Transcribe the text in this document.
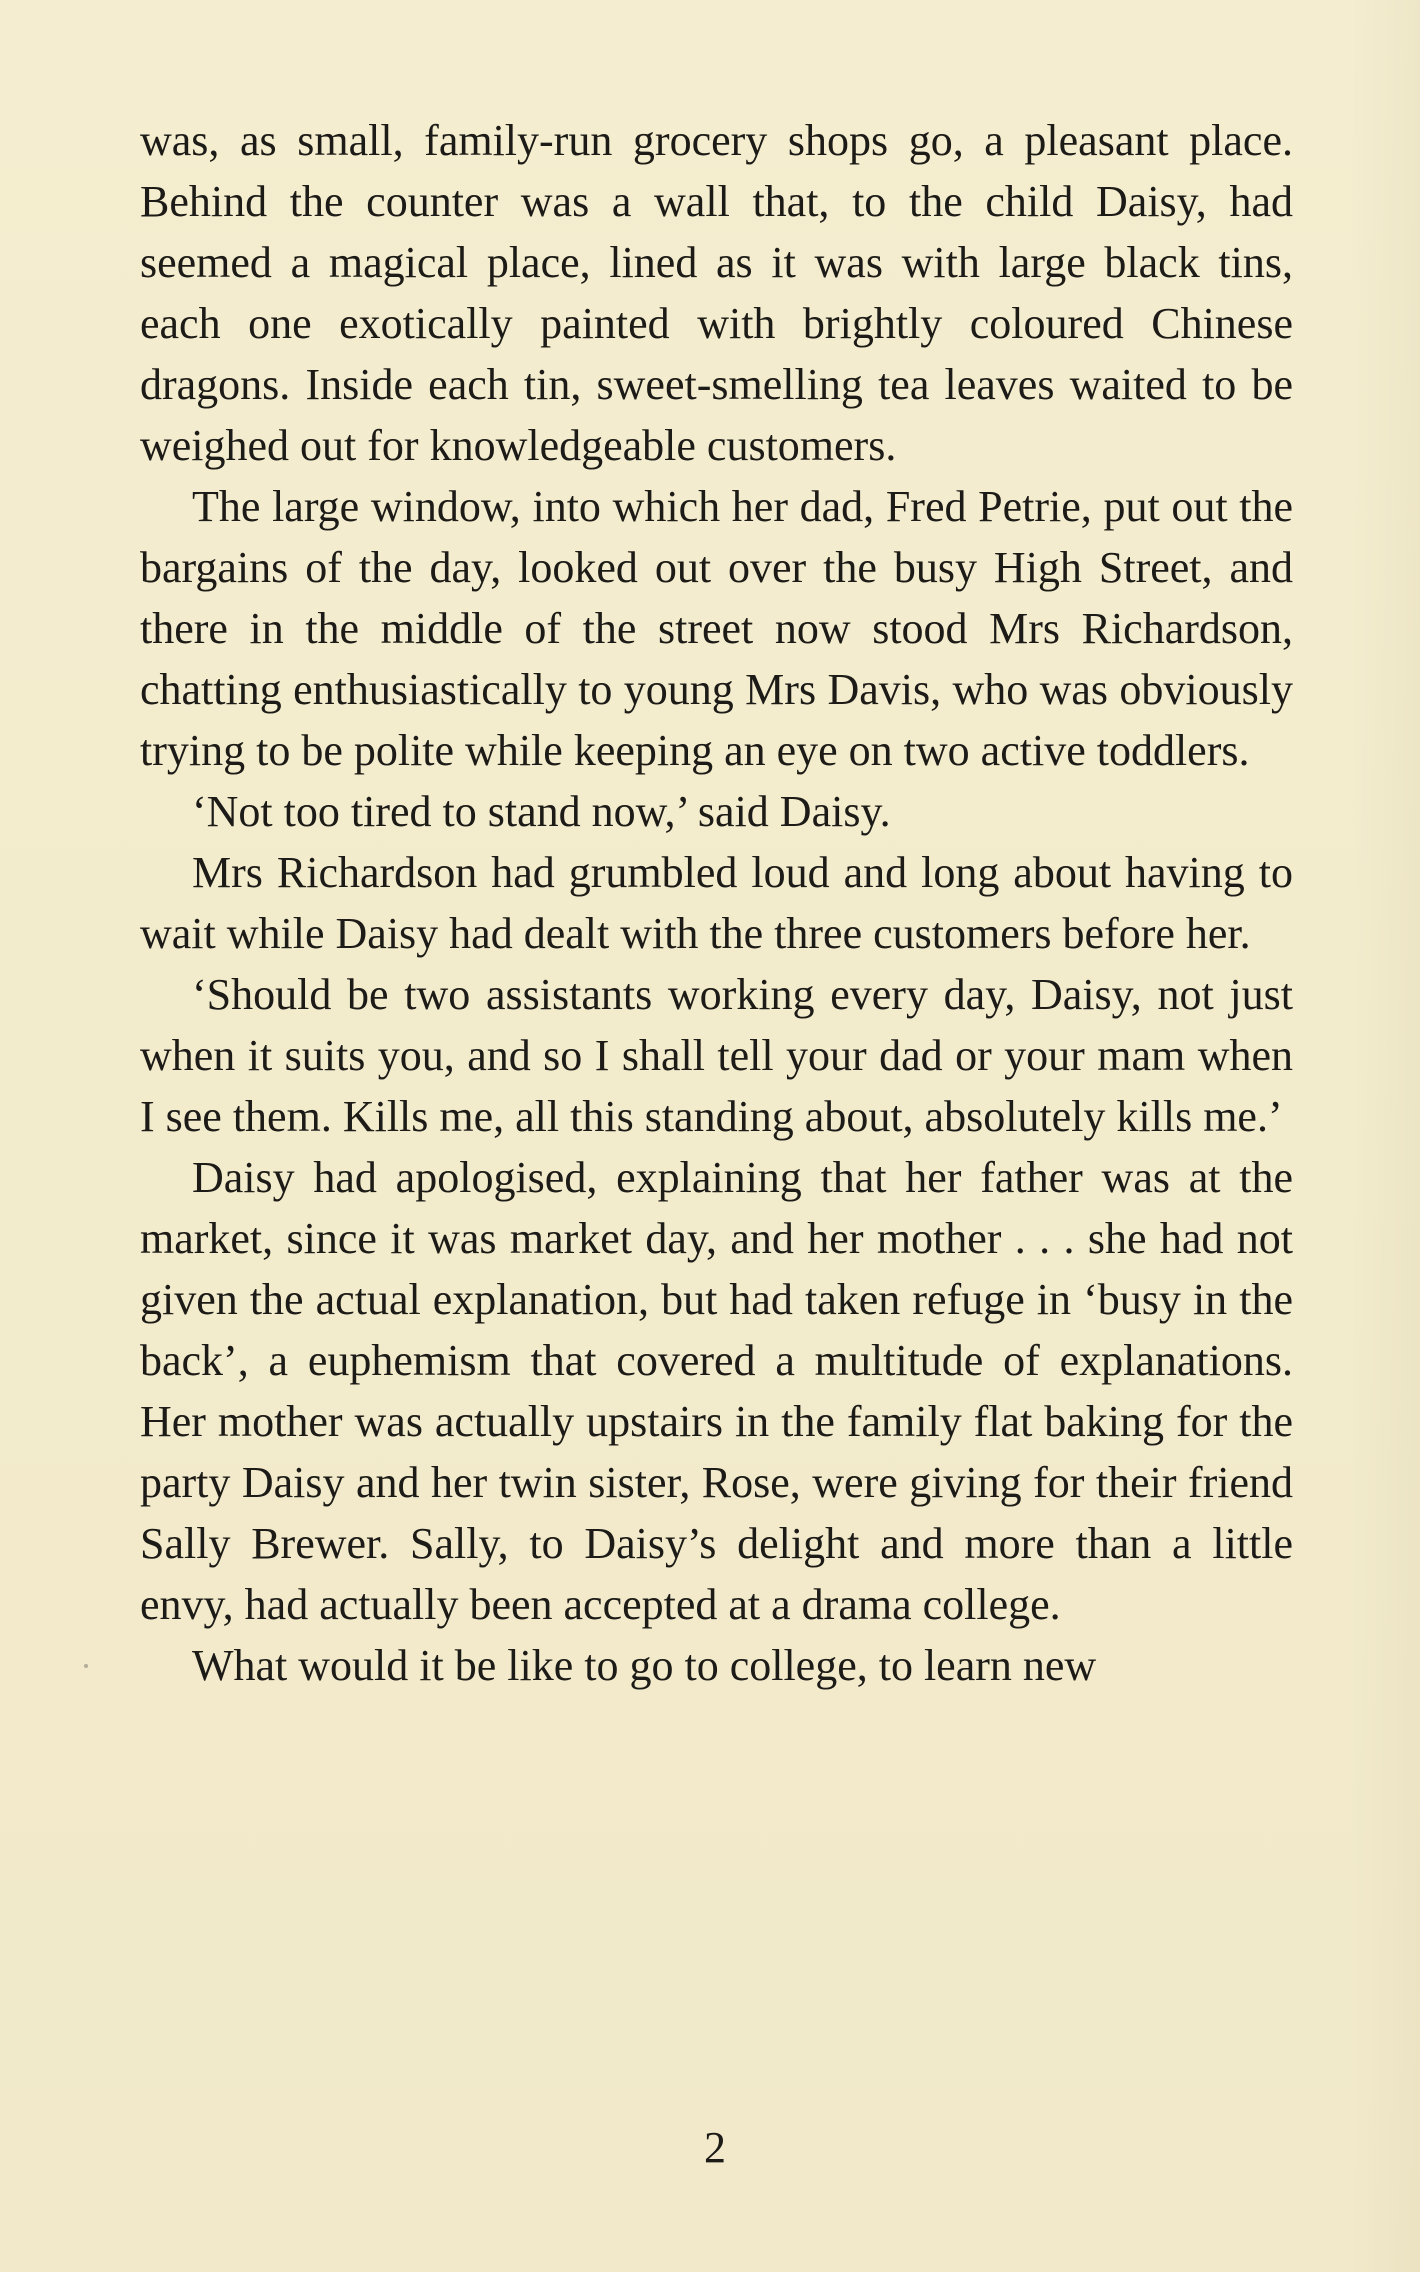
was, as small, family-run grocery shops go, a pleasant place. Behind the counter was a wall that, to the child Daisy, had seemed a magical place, lined as it was with large black tins, each one exotically painted with brightly coloured Chinese dragons. Inside each tin, sweet-smelling tea leaves waited to be weighed out for knowledgeable customers.

The large window, into which her dad, Fred Petrie, put out the bargains of the day, looked out over the busy High Street, and there in the middle of the street now stood Mrs Richardson, chatting enthusiastically to young Mrs Davis, who was obviously trying to be polite while keeping an eye on two active toddlers.

‘Not too tired to stand now,’ said Daisy.

Mrs Richardson had grumbled loud and long about having to wait while Daisy had dealt with the three customers before her.

‘Should be two assistants working every day, Daisy, not just when it suits you, and so I shall tell your dad or your mam when I see them. Kills me, all this standing about, absolutely kills me.’

Daisy had apologised, explaining that her father was at the market, since it was market day, and her mother . . . she had not given the actual explanation, but had taken refuge in ‘busy in the back’, a euphemism that covered a multitude of explanations. Her mother was actually upstairs in the family flat baking for the party Daisy and her twin sister, Rose, were giving for their friend Sally Brewer. Sally, to Daisy’s delight and more than a little envy, had actually been accepted at a drama college.

What would it be like to go to college, to learn new

2
